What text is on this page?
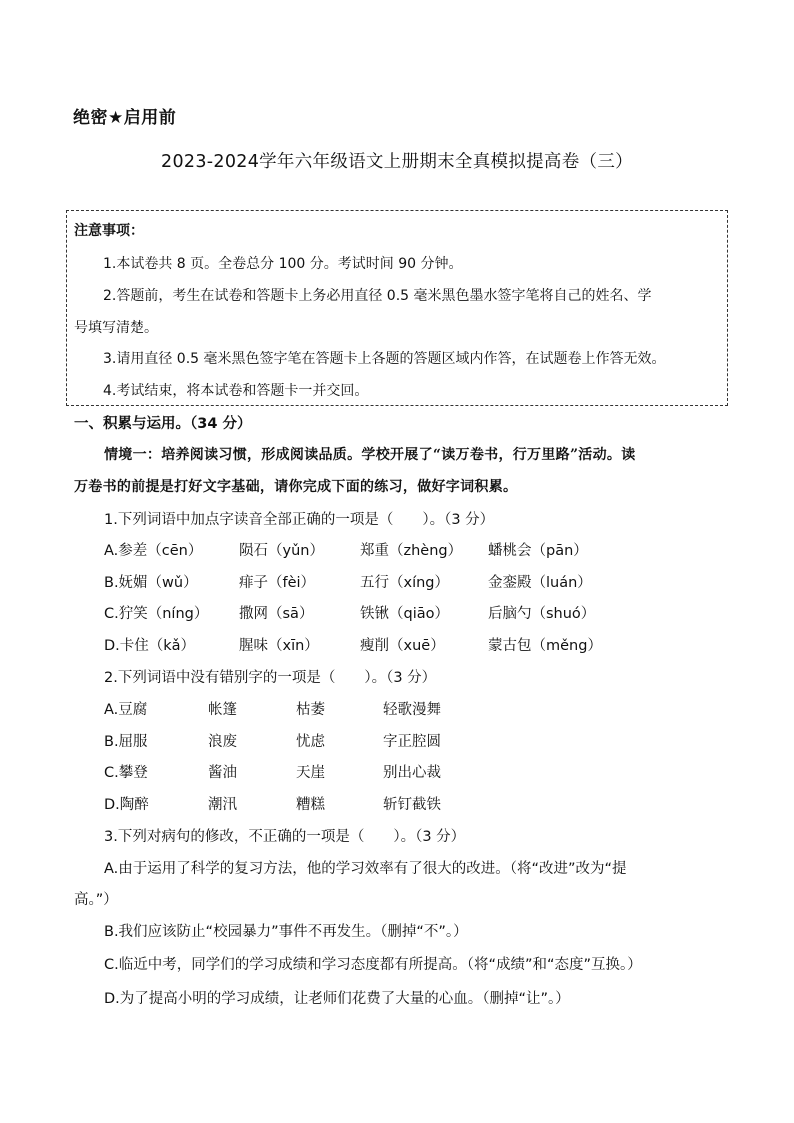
绝密★启用前
2023-2024学年六年级语文上册期末全真模拟提高卷（三）
注意事项：
1.本试卷共 8 页。全卷总分 100 分。考试时间 90 分钟。
2.答题前，考生在试卷和答题卡上务必用直径 0.5 毫米黑色墨水签字笔将自己的姓名、学
号填写清楚。
3.请用直径 0.5 毫米黑色签字笔在答题卡上各题的答题区域内作答，在试题卷上作答无效。
4.考试结束，将本试卷和答题卡一并交回。
一、积累与运用。（34 分）
情境一：培养阅读习惯，形成阅读品质。学校开展了“读万卷书，行万里路”活动。读
万卷书的前提是打好文字基础，请你完成下面的练习，做好字词积累。
1.下列词语中加点字读音全部正确的一项是（　　）。（3 分）
A.参差（cēn）	陨石（yǔn） 郑重（zhèng） 蟠桃会（pān）
B.妩媚（wǔ）	痱子（fèi）	五行（xíng）	金銮殿（luán）
C.狞笑（níng） 撒网（sā）	铁锹（qiāo）	后脑勺（shuó）
D.卡住（kǎ）	腥味（xīn）	瘦削（xuē）	蒙古包（měng）
2.下列词语中没有错别字的一项是（　　）。（3 分）
A.豆腐	帐篷	枯萎	轻歌漫舞
B.屈服	浪废	忧虑	字正腔圆
C.攀登	酱油	天崖	别出心裁
D.陶醉	潮汛	糟糕	斩钉截铁
3.下列对病句的修改，不正确的一项是（　　）。（3 分）
A.由于运用了科学的复习方法，他的学习效率有了很大的改进。（将“改进”改为“提
高。”）
B.我们应该防止“校园暴力”事件不再发生。（删掉“不”。）
C.临近中考，同学们的学习成绩和学习态度都有所提高。（将“成绩”和“态度”互换。）
D.为了提高小明的学习成绩，让老师们花费了大量的心血。（删掉“让”。）
